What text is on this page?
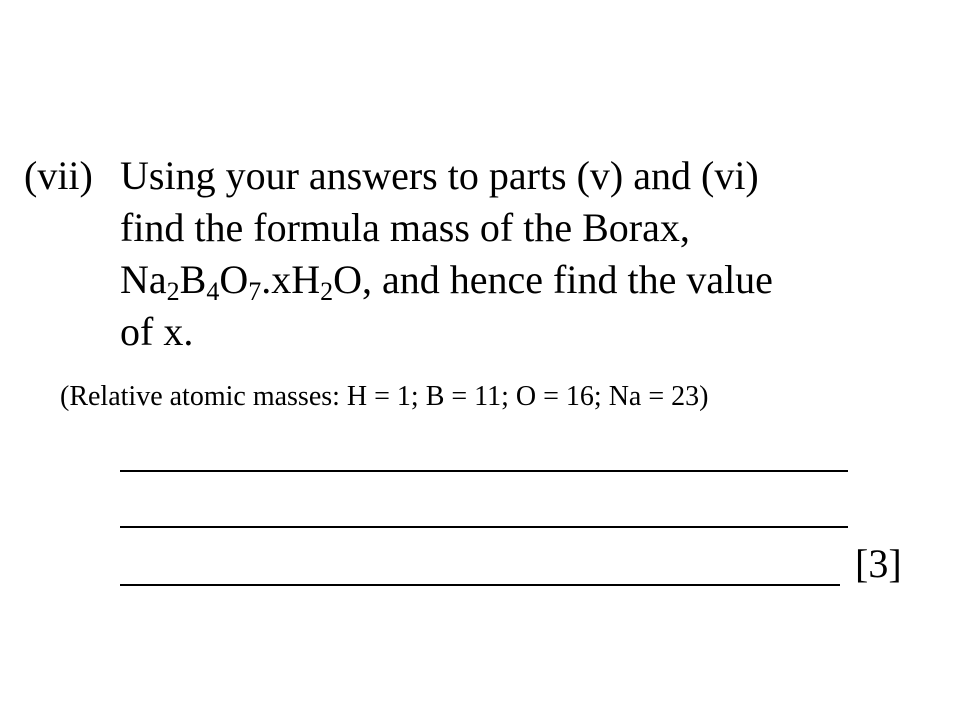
(vii) Using your answers to parts (v) and (vi)
find the formula mass of the Borax,
$Na_2B_4O_7.xH_2O$, and hence find the value
of x.
(Relative atomic masses: H = 1; B = 11; O = 16; Na = 23)
[3]
